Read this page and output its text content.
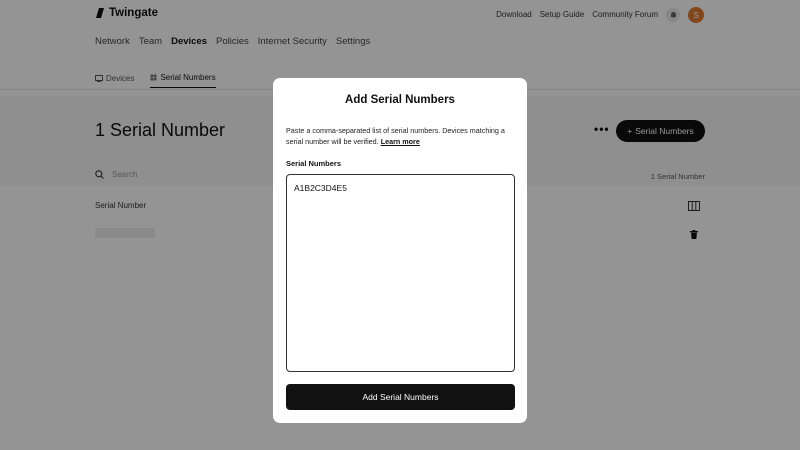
Twingate	Download Setup Guide Community Forum	S
Network Team Devices Policies Internet Security Settings
Devices	Serial Numbers
1 Serial Number	••• + Serial Numbers
Search	1 Serial Number
Serial Number
Add Serial Numbers
Paste a comma-separated list of serial numbers. Devices matching a serial number will be verified. Learn more
Serial Numbers
A1B2C3D4E5
Add Serial Numbers
